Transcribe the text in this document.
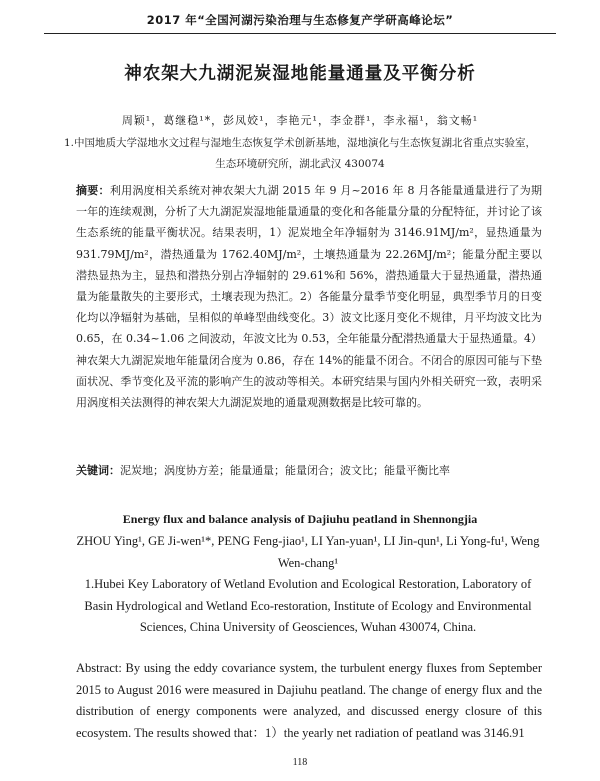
2017 年“全国河湖污染治理与生态修复产学研高峰论坛”
神农架大九湖泥炭湿地能量通量及平衡分析
周颖¹，葛继稳¹*，彭凤姣¹，李艳元¹，李金群¹，李永福¹，翁文畅¹
1.中国地质大学湿地水文过程与湿地生态恢复学术创新基地，湿地演化与生态恢复湖北省重点实验室，生态环境研究所，湖北武汉 430074
摘要：利用涡度相关系统对神农架大九湖 2015 年 9 月~2016 年 8 月各能量通量进行了为期一年的连续观测，分析了大九湖泥炭湿地能量通量的变化和各能量分量的分配特征，并讨论了该生态系统的能量平衡状况。结果表明，1）泥炭地全年净辐射为 3146.91MJ/m²，显热通量为 931.79MJ/m²，潜热通量为 1762.40MJ/m²，土壤热通量为 22.26MJ/m²；能量分配主要以潜热显热为主，显热和潜热分别占净辐射的 29.61%和 56%，潜热通量大于显热通量，潜热通量为能量散失的主要形式，土壤表现为热汇。2）各能量分量季节变化明显，典型季节月的日变化均以净辐射为基础，呈相似的单峰型曲线变化。3）波文比逐月变化不规律，月平均波文比为 0.65，在 0.34~1.06 之间波动，年波文比为 0.53，全年能量分配潜热通量大于显热通量。4）神农架大九湖泥炭地年能量闭合度为 0.86，存在 14%的能量不闭合。不闭合的原因可能与下垫面状况、季节变化及平流的影响产生的波动等相关。本研究结果与国内外相关研究一致，表明采用涡度相关法测得的神农架大九湖泥炭地的通量观测数据是比较可靠的。
关键词：泥炭地；涡度协方差；能量通量；能量闭合；波文比；能量平衡比率
Energy flux and balance analysis of Dajiuhu peatland in Shennongjia
ZHOU Ying¹, GE Ji-wen¹*, PENG Feng-jiao¹, LI Yan-yuan¹, LI Jin-qun¹, Li Yong-fu¹, Weng Wen-chang¹
1.Hubei Key Laboratory of Wetland Evolution and Ecological Restoration, Laboratory of Basin Hydrological and Wetland Eco-restoration, Institute of Ecology and Environmental Sciences, China University of Geosciences, Wuhan 430074, China.
Abstract: By using the eddy covariance system, the turbulent energy fluxes from September 2015 to August 2016 were measured in Dajiuhu peatland. The change of energy flux and the distribution of energy components were analyzed, and discussed energy closure of this ecosystem. The results showed that：1）the yearly net radiation of peatland was 3146.91
118
